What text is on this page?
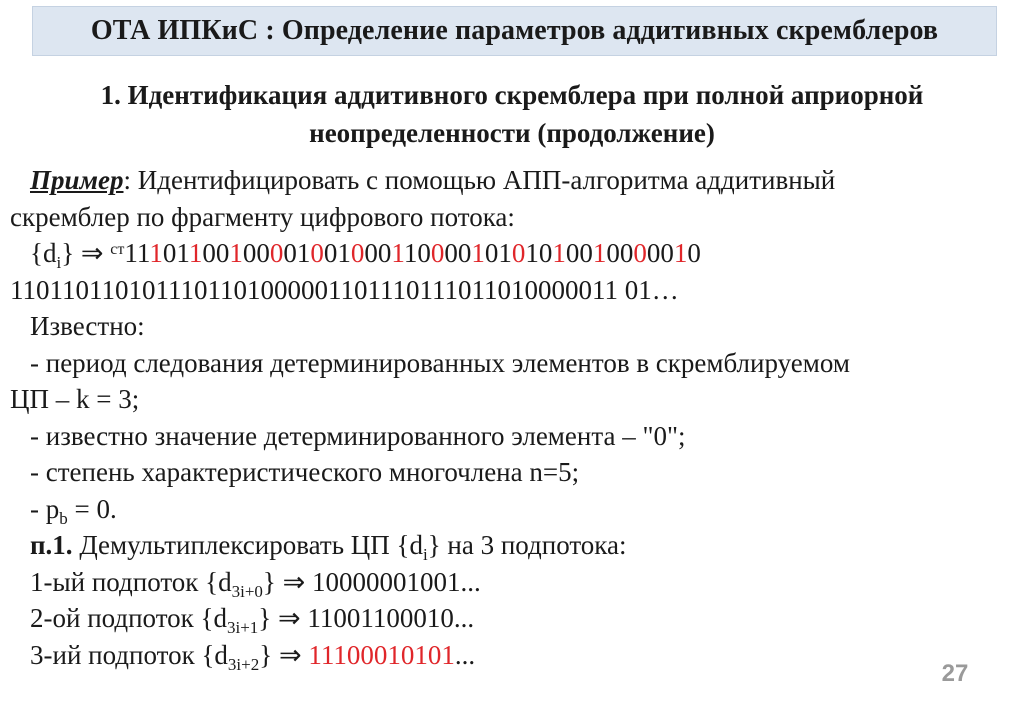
ОТА ИПКиС : Определение параметров аддитивных скремблеров
1. Идентификация аддитивного скремблера при полной априорной
неопределенности (продолжение)
Пример: Идентифицировать с помощью АПП-алгоритма аддитивный
скремблер по фрагменту цифрового потока:
$\{d_i\}$ ⇒ $^{ст}$1110110010000100100011000010101010010000010
1101101101011101101000001101110111011010000011 01…
Известно:
- период следования детерминированных элементов в скремблируемом
ЦП – k = 3;
- известно значение детерминированного элемента – "0";
- степень характеристического многочлена n=5;
- $p_b = 0$.
п.1. Демультиплексировать ЦП $\{d_i\}$ на 3 подпотока:
1-ый подпоток $\{d_{3i+0}\}$ ⇒ 10000001001...
2-ой подпоток $\{d_{3i+1}\}$ ⇒ 11001100010...
3-ий подпоток $\{d_{3i+2}\}$ ⇒ 11100010101...
27
